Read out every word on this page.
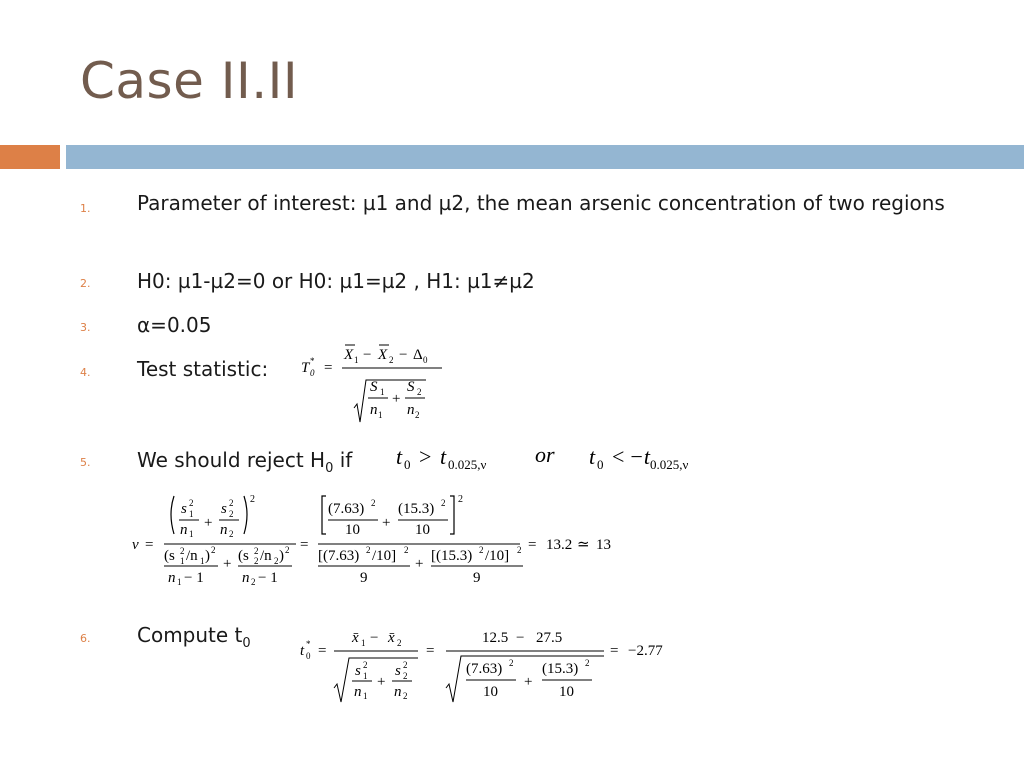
Case II.II
1. Parameter of interest: µ1 and µ2, the mean arsenic concentration of two regions
2. H0: µ1-µ2=0 or H0: µ1=µ2 , H1: µ1≠µ2
3. α=0.05
4. Test statistic:	T 0
* =
X 1 − X 2 − Δ 0
S 1
n 1
+
S 2
n 2
5. We should reject $H_0$ if	t 0 > t 0.025,ν or t 0 < −t 0.025,ν
ν =
s 2
1
n 1
+
s 2
2
n 2
2
(s 2
1 /n 1 ) 2
n 1 − 1
+ (s 2
2 /n 2 ) 2
n 2 − 1
=
(7.63) 2
10 +
(15.3) 2
10
2
[(7.63) 2 /10] 2
9
+ [(15.3) 2 /10] 2
9
= 13.2 ≃ 13
6. Compute $t_0$	t 0
* =
x̄ 1 − x̄ 2
s 2
1
n 1
+
s 2
2
n 2
=
12.5 − 27.5
(7.63) 2
10
+
(15.3) 2
10
= −2.77
